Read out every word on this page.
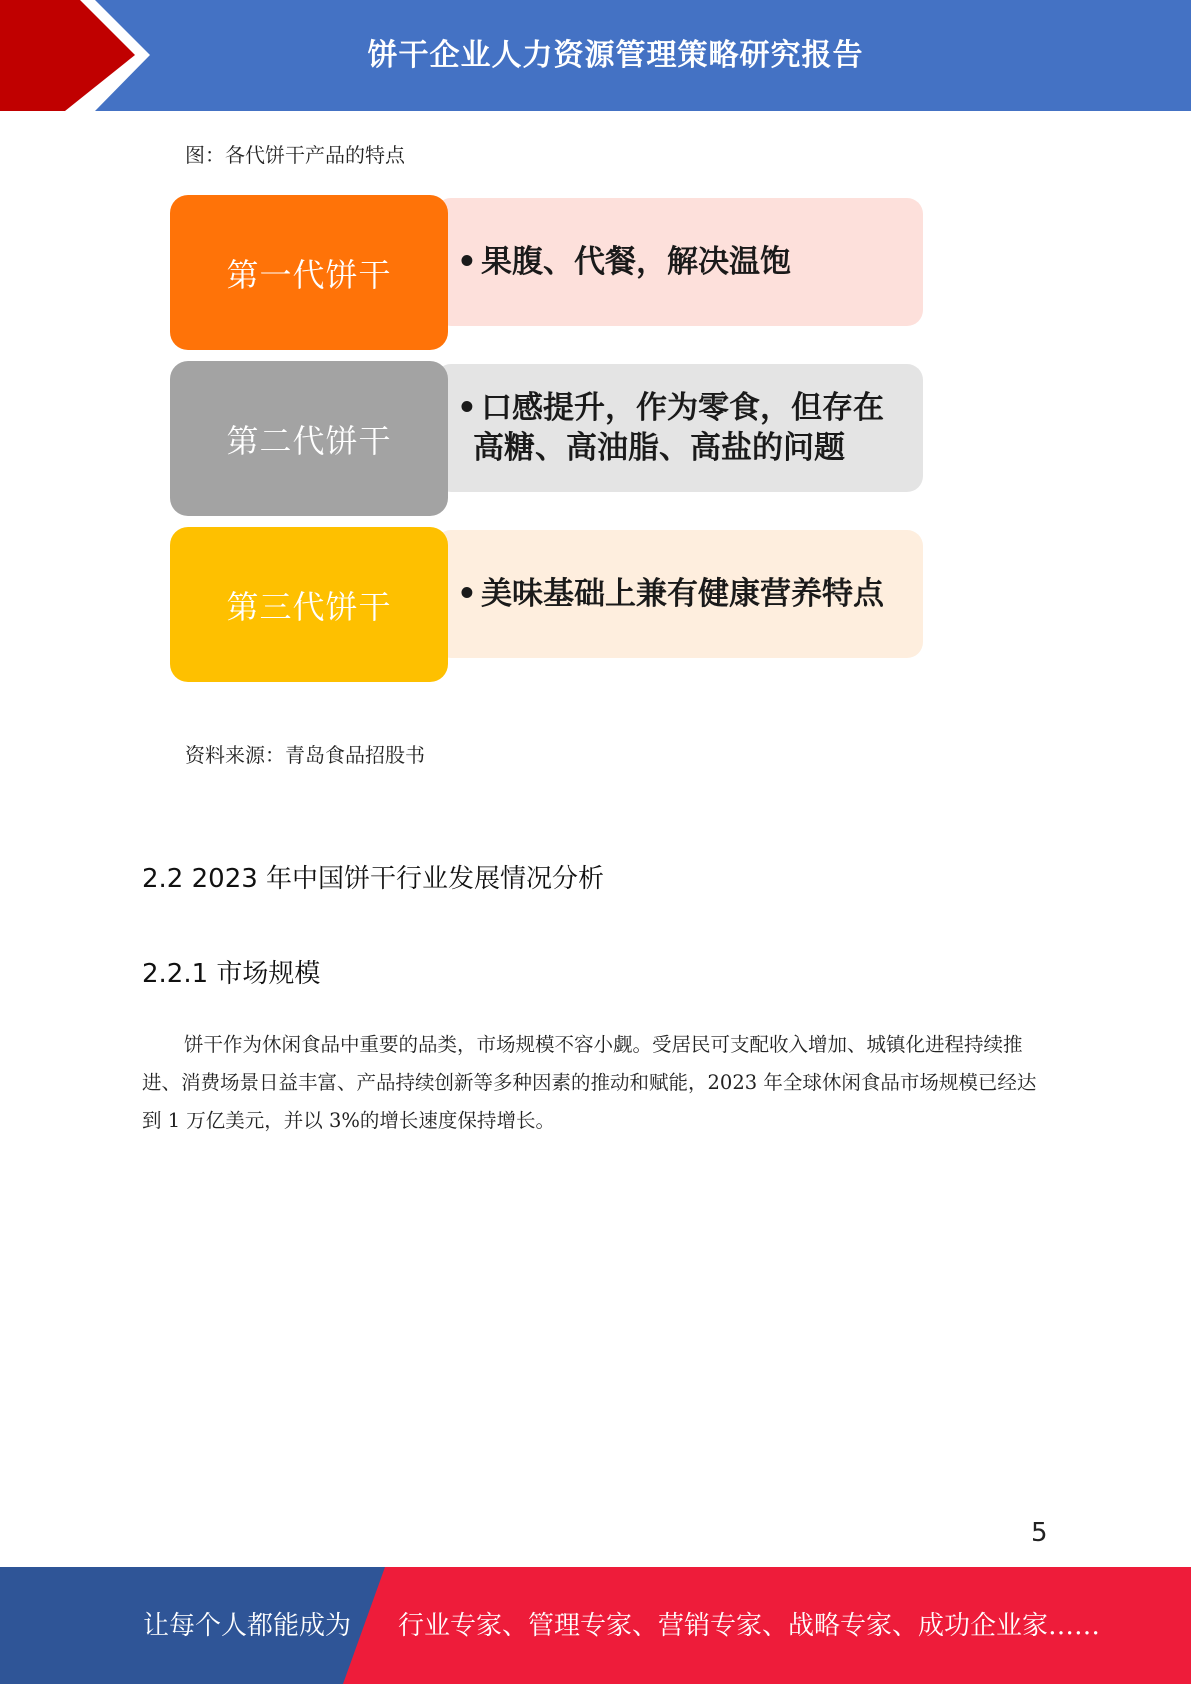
饼干企业人力资源管理策略研究报告
图：各代饼干产品的特点
• 果腹、代餐，解决温饱
第一代饼干
• 口感提升，作为零食，但存在
高糖、高油脂、高盐的问题
第二代饼干
• 美味基础上兼有健康营养特点
第三代饼干
资料来源：青岛食品招股书
2.2 2023 年中国饼干行业发展情况分析
2.2.1 市场规模

饼干作为休闲食品中重要的品类，市场规模不容小觑。受居民可支配收入增加、城镇化进程持续推进、消费场景日益丰富、产品持续创新等多种因素的推动和赋能，2023 年全球休闲食品市场规模已经达到 1 万亿美元，并以 3%的增长速度保持增长。

5
让每个人都能成为 行业专家、管理专家、营销专家、战略专家、成功企业家……
